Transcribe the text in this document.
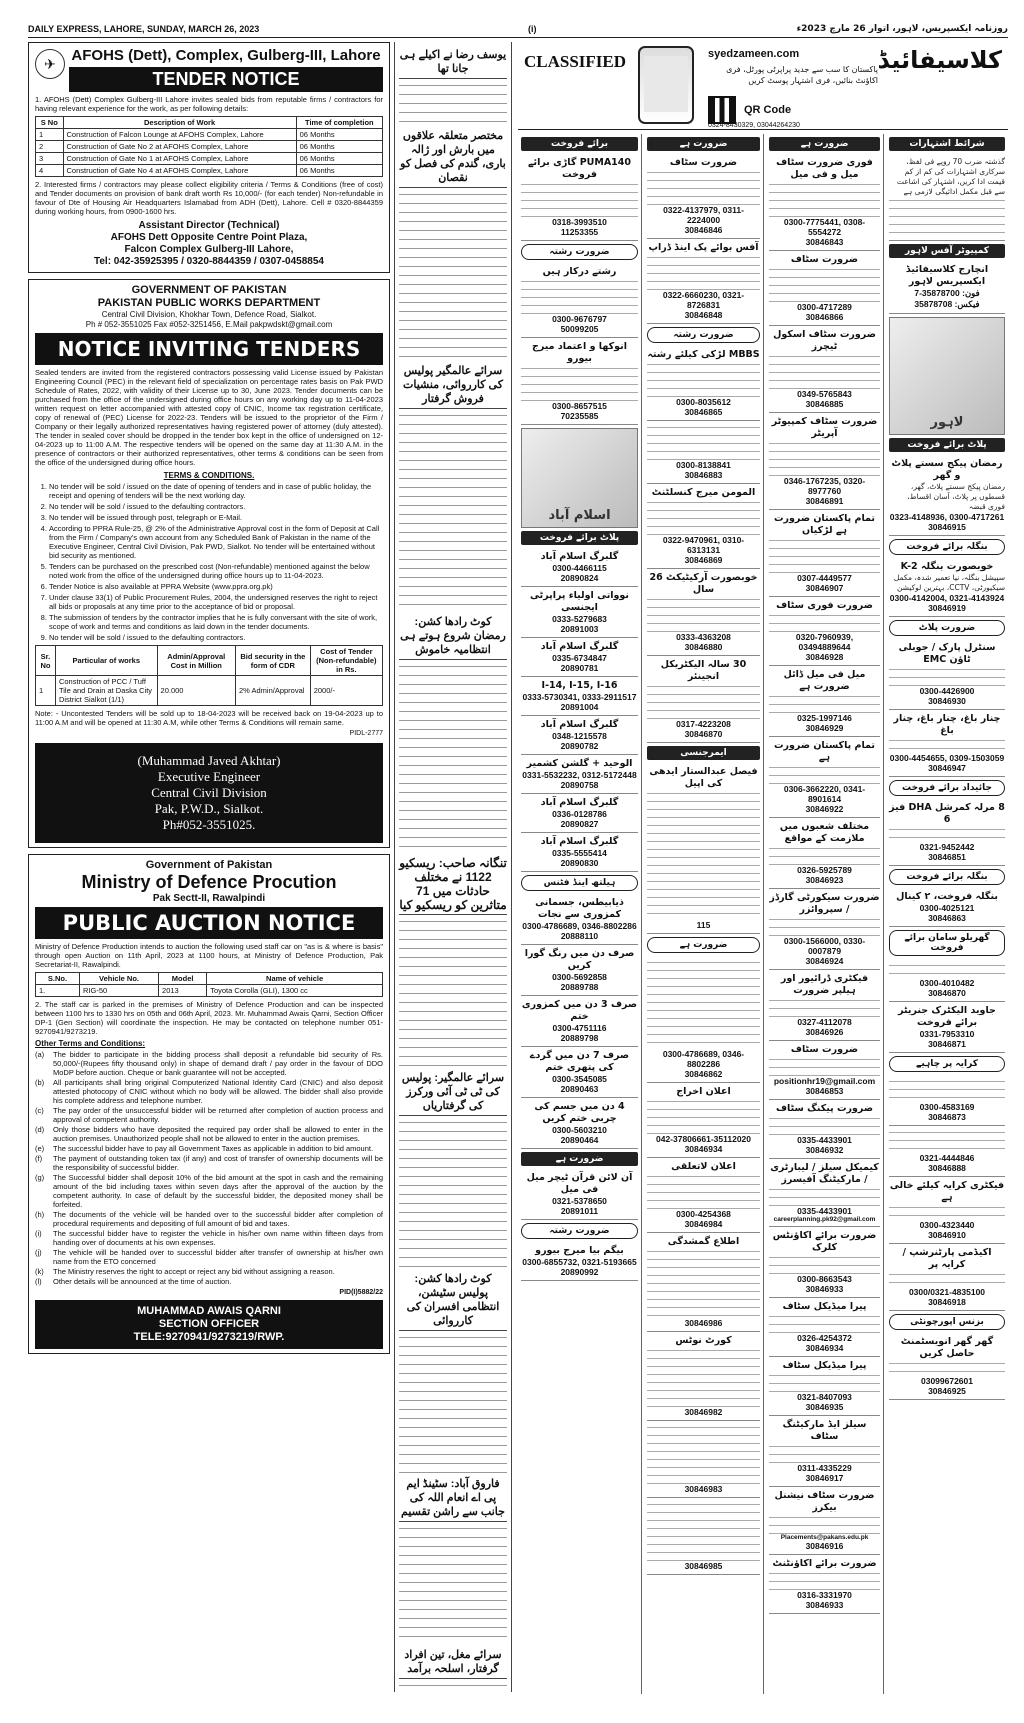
DAILY EXPRESS, LAHORE, SUNDAY, MARCH 26, 2023	(i)	روزنامہ ایکسپریس، لاہور، اتوار 26 مارچ 2023ء
✈	AFOHS (Dett), Complex, Gulberg-III, Lahore
TENDER NOTICE

1. AFOHS (Dett) Complex Gulberg-III Lahore invites sealed bids from reputable firms / contractors for having relevant experience for the work, as per following details:

S No	Description of Work	Time of completion
1	Construction of Falcon Lounge at AFOHS Complex, Lahore	06 Months
2	Construction of Gate No 2 at AFOHS Complex, Lahore	06 Months
3	Construction of Gate No 1 at AFOHS Complex, Lahore	06 Months
4	Construction of Gate No 4 at AFOHS Complex, Lahore	06 Months

2. Interested firms / contractors may please collect eligibility criteria / Terms & Conditions (free of cost) and Tender documents on provision of bank draft worth Rs 10,000/- (for each tender) Non-refundable in favour of Dte of Housing Air Headquarters Islamabad from ADH (Dett), Lahore. Cell # 0320-8844359 during working hours, from 0900-1600 hrs.

Assistant Director (Technical)
AFOHS Dett Opposite Centre Point Plaza,
Falcon Complex Gulberg-III Lahore,
Tel: 042-35925395 / 0320-8844359 / 0307-0458854
GOVERNMENT OF PAKISTAN
PAKISTAN PUBLIC WORKS DEPARTMENT
Central Civil Division, Khokhar Town, Defence Road, Sialkot.
Ph # 052-3551025 Fax #052-3251456, E.Mail pakpwdskt@gmail.com
NOTICE INVITING TENDERS

Sealed tenders are invited from the registered contractors possessing valid License issued by Pakistan Engineering Council (PEC) in the relevant field of specialization on percentage rates basis on Pak PWD Schedule of Rates, 2022, with validity of their License up to 30, June 2023. Tender documents can be purchased from the office of the undersigned during office hours on any working day up to 11-04-2023 written request on letter accompanied with attested copy of CNIC, Income tax registration certificate, copy of renewal of (PEC) License for 2022-23. Tenders will be issued to the proprietor of the Firm / Company or their legally authorized representatives having registered power of attorney (duly attested). The tender in sealed cover should be dropped in the tender box kept in the office of undersigned on 12-04-2023 up to 11:00 A.M. The respective tenders will be opened on the same day at 11:30 A.M. in the presence of contractors or their authorized representatives, other terms & conditions can be seen from the office of the undersigned during office hours.

TERMS & CONDITIONS.
1. No tender will be sold / issued on the date of opening of tenders and in case of public holiday, the receipt and opening of tenders will be the next working day.
2. No tender will be sold / issued to the defaulting contractors.
3. No tender will be issued through post, telegraph or E-Mail.
4. According to PPRA Rule-25, @ 2% of the Administrative Approval cost in the form of Deposit at Call from the Firm / Company's own account from any Scheduled Bank of Pakistan in the name of the Executive Engineer, Central Civil Division, Pak PWD, Sialkot. No tender will be entertained without bid security as mentioned.
5. Tenders can be purchased on the prescribed cost (Non-refundable) mentioned against the below noted work from the office of the undersigned during office hours up to 11-04-2023.
6. Tender Notice is also available at PPRA Website (www.ppra.org.pk)
7. Under clause 33(1) of Public Procurement Rules, 2004, the undersigned reserves the right to reject all bids or proposals at any time prior to the acceptance of bid or proposal.
8. The submission of tenders by the contractor implies that he is fully conversant with the site of work, scope of work and terms and conditions as laid down in the tender documents.
9. No tender will be sold / issued to the defaulting contractors.
Sr. No	Particular of works	Admin/Approval Cost in Million	Bid security in the form of CDR	Cost of Tender (Non-refundable) in Rs.
1	Construction of PCC / Tuff Tile and Drain at Daska City District Sialkot (1/1)	20.000	2% Admin/Approval	2000/-

Note: - Uncontested Tenders will be sold up to 18-04-2023 will be received back on 19-04-2023 up to 11:00 A.M and will be opened at 11:30 A.M, while other Terms & Conditions will remain same.

PIDL-2777
(Muhammad Javed Akhtar)
Executive Engineer
Central Civil Division
Pak, P.W.D., Sialkot.
Ph#052-3551025.
Government of Pakistan
Ministry of Defence Procution
Pak Sectt-II, Rawalpindi
PUBLIC AUCTION NOTICE

Ministry of Defence Production intends to auction the following used staff car on "as is & where is basis" through open Auction on 11th April, 2023 at 1100 hours, at Ministry of Defence Production, Pak Secretariat-II, Rawalpindi.

S.No.	Vehicle No.	Model	Name of vehicle
1.	RIG-50	2013	Toyota Corolla (GLI), 1300 cc

2. The staff car is parked in the premises of Ministry of Defence Production and can be inspected between 1100 hrs to 1330 hrs on 05th and 06th April, 2023. Mr. Muhammad Awais Qarni, Section Officer DP-1 (Gen Section) will coordinate the inspection. He may be contacted on telephone number 051-9270941/9273219.

Other Terms and Conditions:
(a)	The bidder to participate in the bidding process shall deposit a refundable bid security of Rs. 50,000/-(Rupees fifty thousand only) in shape of demand draft / pay order in the favour of DDO MoDP before auction. Cheque or bank guarantee will not be accepted.
(b)	All participants shall bring original Computerized National Identity Card (CNIC) and also deposit attested photocopy of CNIC without which no body will be allowed. The bidder shall also provide his complete address and telephone number.
(c)	The pay order of the unsuccessful bidder will be returned after completion of auction process and approval of competent authority.
(d)	Only those bidders who have deposited the required pay order shall be allowed to enter in the auction premises. Unauthorized people shall not be allowed to enter in the auction premises.
(e)	The successful bidder have to pay all Government Taxes as applicable in addition to bid amount.
(f)	The payment of outstanding token tax (if any) and cost of transfer of ownership documents will be the responsibility of successful bidder.
(g)	The Successful bidder shall deposit 10% of the bid amount at the spot in cash and the remaining amount of the bid including taxes within seven days after the approval of the auction by the competent authority. In case of default by the successful bidder, the deposited money shall be forfeited.
(h)	The documents of the vehicle will be handed over to the successful bidder after completion of procedural requirements and depositing of full amount of bid and taxes.
(i)	The successful bidder have to register the vehicle in his/her own name within fifteen days from handing over of documents at his own expenses.
(j)	The vehicle will be handed over to successful bidder after transfer of ownership at his/her own name from the ETO concerned
(k)	The Ministry reserves the right to accept or reject any bid without assigning a reason.
(l)	Other details will be announced at the time of auction.
PID(I)5882/22
MUHAMMAD AWAIS QARNI
SECTION OFFICER
TELE:9270941/9273219/RWP.
یوسف رضا نے اکیلے ہی جانا تھا
مختصر متعلقہ علاقوں میں بارش اور ژالہ باری، گندم کی فصل کو نقصان
سرائے عالمگیر پولیس کی کارروائی، منشیات فروش گرفتار
کوٹ رادھا کشن: رمضان شروع ہوتے ہی انتظامیہ خاموش
تنگانہ صاحب: ریسکیو 1122 نے مختلف حادثات میں 71 متاثرین کو ریسکیو کیا
سرائے عالمگیر: پولیس کی ٹی ٹی آئی ورکرز کی گرفتاریاں
کوٹ رادھا کشن: پولیس سٹیشن، انتظامی افسران کی کارروائی
فاروق آباد: سٹینڈ ایم پی اے انعام اللہ کی جانب سے راشن تقسیم
سرائے مغل، تین افراد گرفتار، اسلحہ برآمد
CLASSIFIED	syedzameen.com
پاکستان کا سب سے جدید پراپرٹی پورٹل، فری اکاؤنٹ بنائیں، فری اشتہار پوسٹ کریں
QR Code
0324-8430329, 03044264230
کلاسیفائیڈ
برائے فروخت
PUMA140 گاڑی برائے فروخت
0318-3993510
11253355
ضرورت رشتہ
رشتے درکار ہیں
0300-9676797
50099205
انوکھا و اعتماد میرج بیورو
0300-8657515
70235585
اسلام آباد
پلاٹ برائے فروخت
گلبرگ اسلام آباد
0300-4466115
20890824
نوواتی اولیاء پراپرٹی ایجنسی
0333-5279683
20891003
گلبرگ اسلام آباد
0335-6734847
20890781
I-14, I-15, I-16
0333-5730341, 0333-2911517
20891004
گلبرگ اسلام آباد
0348-1215578
20890782
الوحید + گلشن کشمیر
0331-5532232, 0312-5172448
20890758
گلبرگ اسلام آباد
0336-0128786
20890827
گلبرگ اسلام آباد
0335-5555414
20890830
ہیلتھ اینڈ فٹنس
ذیابیطس، جسمانی کمزوری سے نجات
0300-4786689, 0346-8802286
20888110
صرف دن میں رنگ گورا کریں
0300-5692858
20889788
صرف 3 دن میں کمزوری ختم
0300-4751116
20889798
صرف 7 دن میں گردے کی پتھری ختم
0300-3545085
20890463
4 دن میں جسم کی چربی ختم کریں
0300-5603210
20890464
ضرورت ہے
آن لائن قرآن ٹیچر میل فی میل
0321-5378650
20891011
ضرورت رشتہ
بیگم بیا میرج بیورو
0300-6855732, 0321-5193665
20890992
ضرورت ہے
ضرورت سٹاف
0322-4137979, 0311-2224000
30846846
آفس بوائے پک اینڈ ڈراپ
0322-6660230, 0321-8726831
30846848
ضرورت رشتہ
MBBS لڑکی کیلئے رشتہ
0300-8035612
30846865
0300-8138841
30846883
المومن میرج کنسلٹنٹ
0322-9470961, 0310-6313131
30846869
خوبصورت آرکیٹیکٹ 26 سال
0333-4363208
30846880
30 سالہ الیکٹریکل انجینئر
0317-4223208
30846870
ایمرجنسی
فیصل عبدالستار ایدھی کی اپیل
115
ضرورت ہے
0300-4786689, 0346-8802286
30846862
اعلان اخراج
042-37806661-35112020
30846934
اعلان لاتعلقی
0300-4254368
30846984
اطلاع گمشدگی
30846986
کورٹ نوٹس
30846982
30846983
30846985
ضرورت ہے
فوری ضرورت سٹاف میل و فی میل
0300-7775441, 0308-5554272
30846843
ضرورت سٹاف
0300-4717289
30846866
ضرورت سٹاف اسکول ٹیچرز
0349-5765843
30846885
ضرورت سٹاف کمپیوٹر آپریٹر
0346-1767235, 0320-8977760
30846891
تمام پاکستان ضرورت ہے لڑکیاں
0307-4449577
30846907
ضرورت فوری سٹاف
0320-7960939, 03494889644
30846928
میل فی میل ڈائل ضرورت ہے
0325-1997146
30846929
تمام پاکستان ضرورت ہے
0306-3662220, 0341-8901614
30846922
مختلف شعبوں میں ملازمت کے مواقع
0326-5925789
30846923
ضرورت سیکورٹی گارڈز / سپروائزر
0300-1566000, 0330-0007879
30846924
فیکٹری ڈرائیور اور ہیلپر ضرورت
0327-4112078
30846926
ضرورت سٹاف
positionhr19@gmail.com
30846853
ضرورت پیکنگ سٹاف
0335-4433901
30846932
کیمیکل سیلز / لیبارٹری / مارکیٹنگ آفیسرز
0335-4433901
careerplanning.pk92@gmail.com
ضرورت برائے اکاؤنٹس کلرک
0300-8663543
30846933
پیرا میڈیکل سٹاف
0326-4254372
30846934
پیرا میڈیکل سٹاف
0321-8407093
30846935
سیلز ایڈ مارکیٹنگ سٹاف
0311-4335229
30846917
ضرورت سٹاف نیشنل بیکرز
Placements@pakans.edu.pk
30846916
ضرورت برائے اکاؤنٹنٹ
0316-3331970
30846933
شرائط اشتہارات
گذشتہ ضرب 70 روپے فی لفظ، سرکاری اشتہارات کی کم از کم قیمت ادا کریں، اشتہار کی اشاعت سے قبل مکمل ادائیگی لازمی ہے
کمپیوٹر آفس لاہور
انچارج کلاسیفائیڈ ایکسپریس لاہور
فون: 35878700-7
فیکس: 35878708
لاہور
پلاٹ برائے فروخت
رمضان پیکج سستے پلاٹ و گھر
رمضان پیکج سستے پلاٹ، گھر، قسطوں پر پلاٹ، آسان اقساط، فوری قبضہ
0323-4148936, 0300-4717261
30846915
بنگلہ برائے فروخت
خوبصورت بنگلہ K-2
سپیشل بنگلہ، نیا تعمیر شدہ، مکمل سیکیورٹی، CCTV، بہترین لوکیشن
0300-4142004, 0321-4143924
30846919
ضرورت پلاٹ
سنٹرل پارک / جوبلی ٹاؤن EMC
0300-4426900
30846930
چنار باغ، چنار باغ، چنار باغ
0300-4454655, 0309-1503059
30846947
جائیداد برائے فروخت
8 مرلہ کمرشل DHA فیز 6
0321-9452442
30846851
بنگلہ برائے فروخت
بنگلہ فروخت، ۲ کینال
0300-4025121
30846863
گھریلو سامان برائے فروخت
0300-4010482
30846870
جاوید الیکٹرک جنریٹر برائے فروخت
0331-7953310
30846871
کرایہ پر چاہیے
0300-4583169
30846873
0321-4444846
30846888
فیکٹری کرایہ کیلئے خالی ہے
0300-4323440
30846910
اکیڈمی پارٹنرشپ / کرایہ پر
0300/0321-4835100
30846918
بزنس اپورچونٹی
گھر گھر انویسٹمنٹ حاصل کریں
03099672601
30846925
